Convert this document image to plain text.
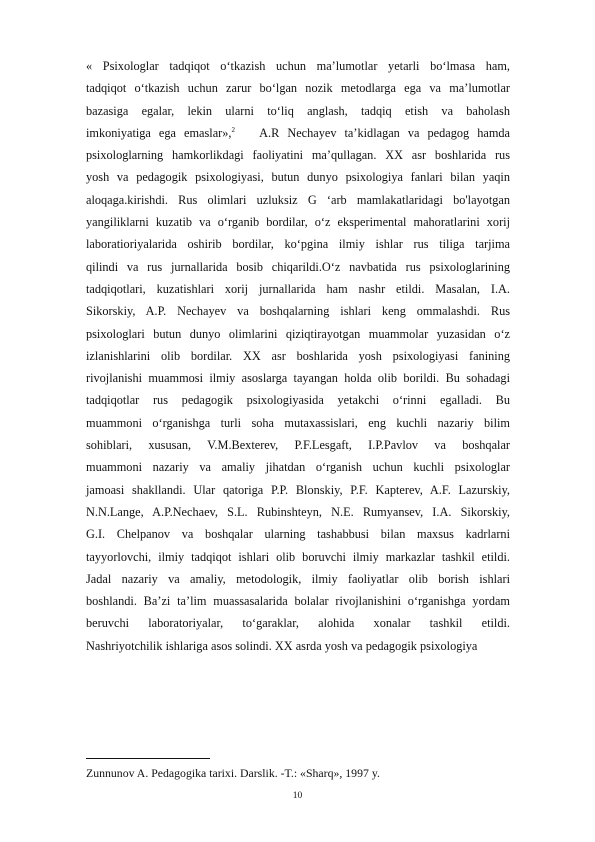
« Psixologlar tadqiqot o‘tkazish uchun ma’lumotlar yetarli bo‘lmasa ham,
tadqiqot o‘tkazish uchun zarur bo‘lgan nozik metodlarga ega va ma’lumotlar
bazasiga egalar, lekin ularni to‘liq anglash, tadqiq etish va baholash
imkoniyatiga ega emaslar»,$^2$ A.R Nechayev ta’kidlagan va pedagog hamda
psixologlarning hamkorlikdagi faoliyatini ma’qullagan. XX asr boshlarida rus
yosh va pedagogik psixologiyasi, butun dunyo psixologiya fanlari bilan yaqin
aloqaga.kirishdi. Rus olimlari uzluksiz G ‘arb mamlakatlaridagi bo'layotgan
yangiliklarni kuzatib va o‘rganib bordilar, o‘z eksperimental mahoratlarini xorij
laboratioriyalarida oshirib bordilar, ko‘pgina ilmiy ishlar rus tiliga tarjima
qilindi va rus jurnallarida bosib chiqarildi.O‘z navbatida rus psixologlarining
tadqiqotlari, kuzatishlari xorij jurnallarida ham nashr etildi. Masalan, I.A.
Sikorskiy, A.P. Nechayev va boshqalarning ishlari keng ommalashdi. Rus
psixologlari butun dunyo olimlarini qiziqtirayotgan muammolar yuzasidan o‘z
izlanishlarini olib bordilar. XX asr boshlarida yosh psixologiyasi fanining
rivojlanishi muammosi ilmiy asoslarga tayangan holda olib borildi. Bu sohadagi
tadqiqotlar rus pedagogik psixologiyasida yetakchi o‘rinni egalladi. Bu
muammoni o‘rganishga turli soha mutaxassislari, eng kuchli nazariy bilim
sohiblari, xususan, V.M.Bexterev, P.F.Lesgaft, I.P.Pavlov va boshqalar
muammoni nazariy va amaliy jihatdan o‘rganish uchun kuchli psixologlar
jamoasi shakllandi. Ular qatoriga P.P. Blonskiy, P.F. Kapterev, A.F. Lazurskiy,
N.N.Lange, A.P.Nechaev, S.L. Rubinshteyn, N.E. Rumyansev, I.A. Sikorskiy,
G.I. Chelpanov va boshqalar ularning tashabbusi bilan maxsus kadrlarni
tayyorlovchi, ilmiy tadqiqot ishlari olib boruvchi ilmiy markazlar tashkil etildi.
Jadal nazariy va amaliy, metodologik, ilmiy faoliyatlar olib borish ishlari
boshlandi. Ba’zi ta’lim muassasalarida bolalar rivojlanishini o‘rganishga yordam
beruvchi laboratoriyalar, to‘garaklar, alohida xonalar tashkil etildi.
Nashriyotchilik ishlariga asos solindi. XX asrda yosh va pedagogik psixologiya
Zunnunov A. Pedagogika tarixi. Darslik. -T.: «Sharq», 1997 y.
10
